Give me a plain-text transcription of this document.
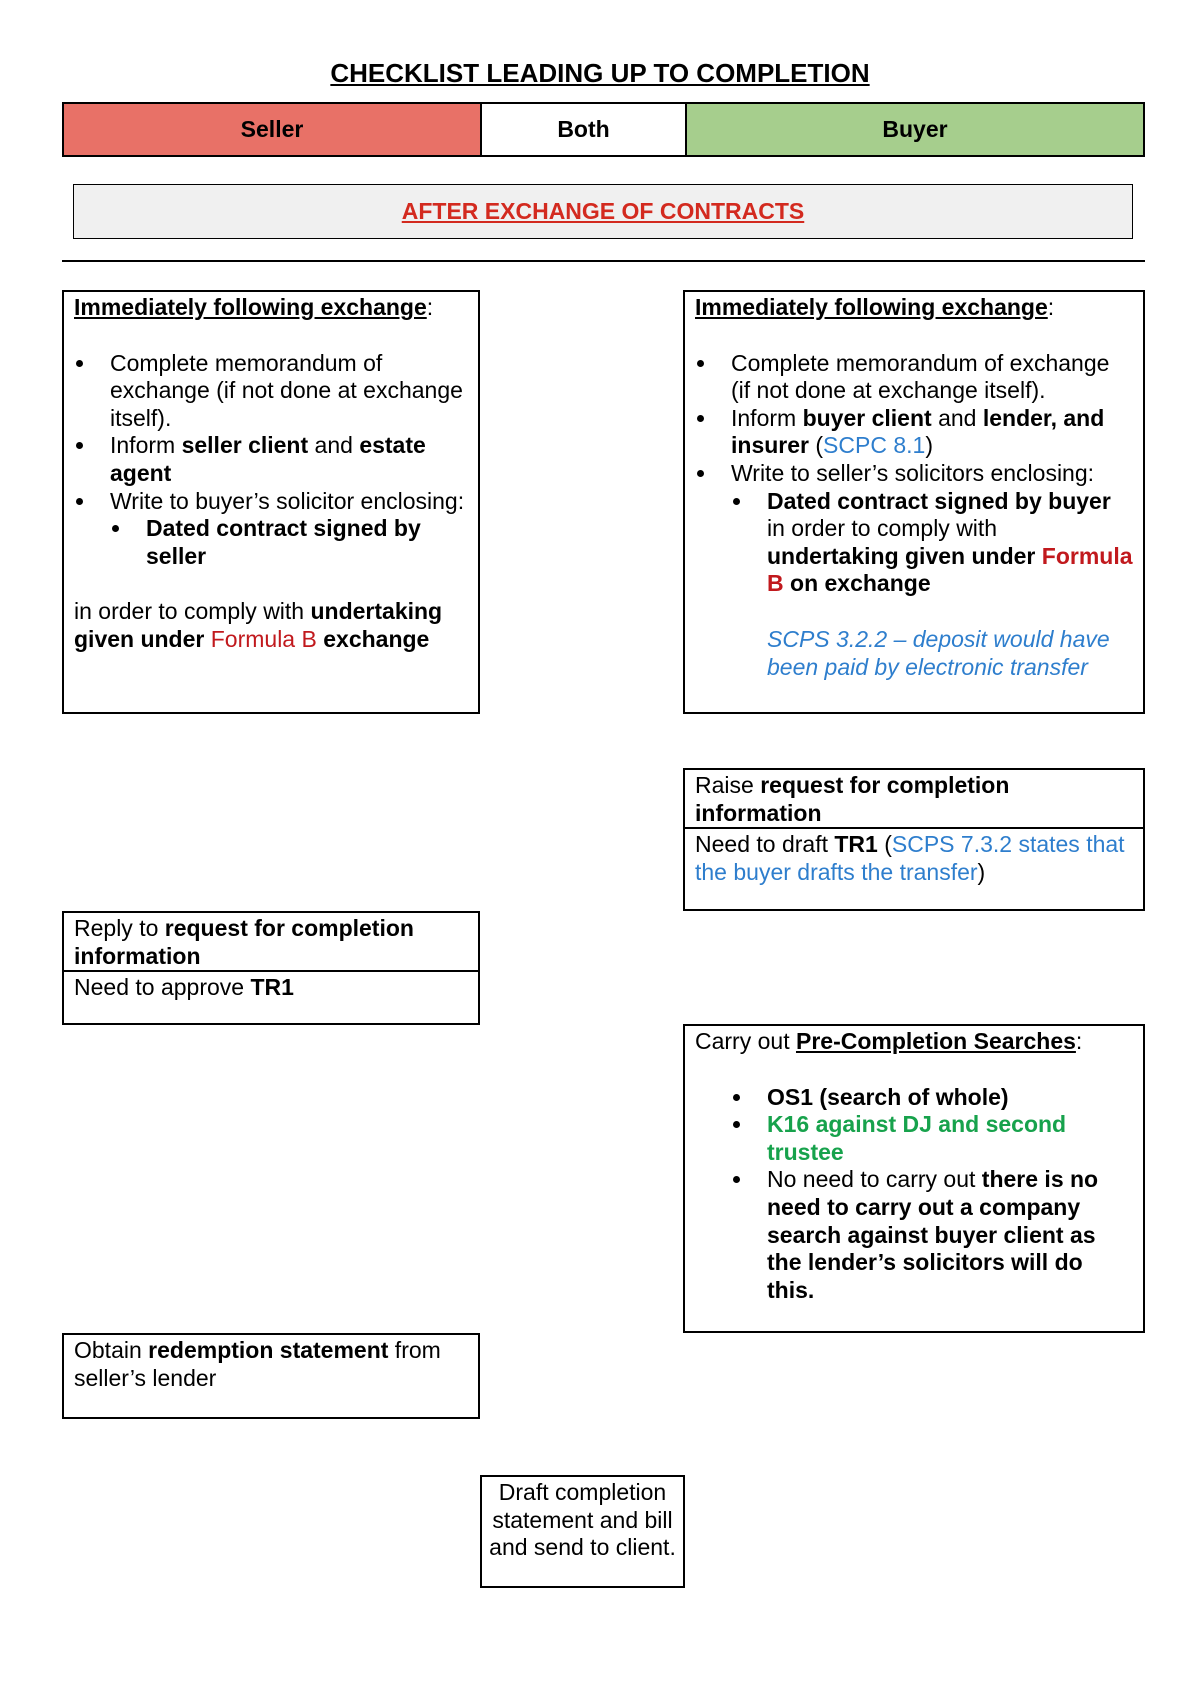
CHECKLIST LEADING UP TO COMPLETION
Seller	Both	Buyer
AFTER EXCHANGE OF CONTRACTS
Immediately following exchange:
Complete memorandum of exchange (if not done at exchange itself).
Inform seller client and estate agent
Write to buyer’s solicitor enclosing:
Dated contract signed by seller
in order to comply with undertaking given under Formula B exchange
Immediately following exchange:
Complete memorandum of exchange (if not done at exchange itself).
Inform buyer client and lender, and insurer (SCPC 8.1)
Write to seller’s solicitors enclosing:
Dated contract signed by buyer in order to comply with undertaking given under Formula B on exchange
SCPS 3.2.2 – deposit would have been paid by electronic transfer
Raise request for completion information
Need to draft TR1 (SCPS 7.3.2 states that the buyer drafts the transfer)
Reply to request for completion information
Need to approve TR1
Carry out Pre-Completion Searches:
OS1 (search of whole)
K16 against DJ and second trustee
No need to carry out there is no need to carry out a company search against buyer client as the lender’s solicitors will do this.
Obtain redemption statement from seller’s lender
Draft completion statement and bill and send to client.
